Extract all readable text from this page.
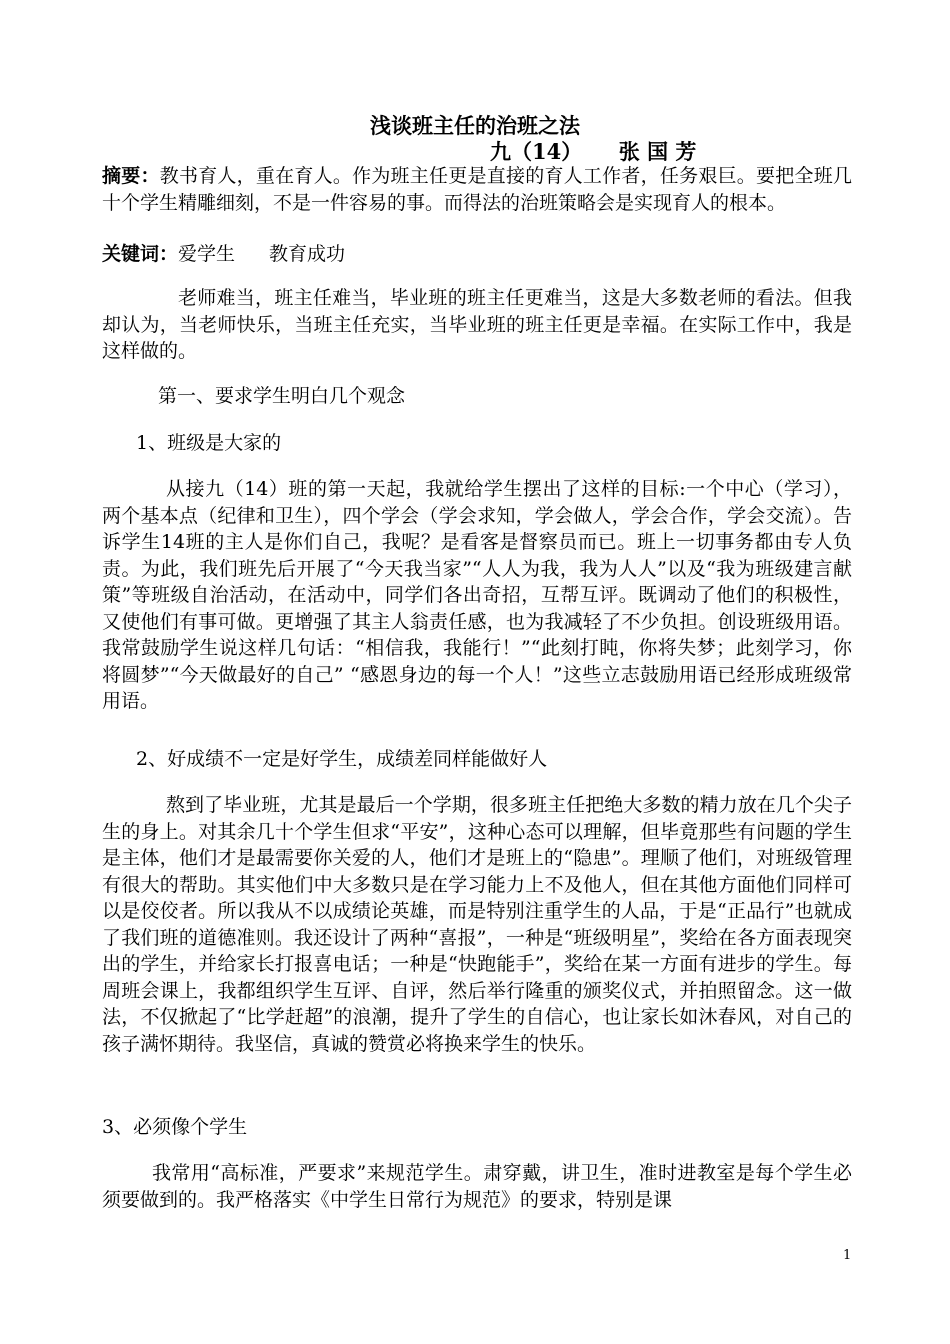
浅谈班主任的治班之法
九（14）     张 国 芳
摘要：教书育人，重在育人。作为班主任更是直接的育人工作者，任务艰巨。要把全班几十个学生精雕细刻，不是一件容易的事。而得法的治班策略会是实现育人的根本。
关键词：爱学生 教育成功
老师难当，班主任难当，毕业班的班主任更难当，这是大多数老师的看法。但我却认为，当老师快乐，当班主任充实，当毕业班的班主任更是幸福。在实际工作中，我是这样做的。
第一、要求学生明白几个观念
1、班级是大家的
从接九（14）班的第一天起，我就给学生摆出了这样的目标:一个中心（学习），两个基本点（纪律和卫生），四个学会（学会求知，学会做人，学会合作，学会交流）。告诉学生14班的主人是你们自己，我呢？是看客是督察员而已。班上一切事务都由专人负责。为此，我们班先后开展了“今天我当家”“人人为我，我为人人”以及“我为班级建言献策”等班级自治活动，在活动中，同学们各出奇招，互帮互评。既调动了他们的积极性，又使他们有事可做。更增强了其主人翁责任感，也为我减轻了不少负担。创设班级用语。我常鼓励学生说这样几句话：“相信我，我能行！”“此刻打盹，你将失梦；此刻学习，你将圆梦”“今天做最好的自己” “感恩身边的每一个人！”这些立志鼓励用语已经形成班级常用语。
2、好成绩不一定是好学生，成绩差同样能做好人
熬到了毕业班，尤其是最后一个学期，很多班主任把绝大多数的精力放在几个尖子生的身上。对其余几十个学生但求“平安”，这种心态可以理解，但毕竟那些有问题的学生是主体，他们才是最需要你关爱的人，他们才是班上的“隐患”。理顺了他们，对班级管理有很大的帮助。其实他们中大多数只是在学习能力上不及他人，但在其他方面他们同样可以是佼佼者。所以我从不以成绩论英雄，而是特别注重学生的人品，于是“正品行”也就成了我们班的道德准则。我还设计了两种“喜报”，一种是“班级明星”，奖给在各方面表现突出的学生，并给家长打报喜电话；一种是“快跑能手”，奖给在某一方面有进步的学生。每周班会课上，我都组织学生互评、自评，然后举行隆重的颁奖仪式，并拍照留念。这一做法，不仅掀起了“比学赶超”的浪潮，提升了学生的自信心，也让家长如沐春风，对自己的孩子满怀期待。我坚信，真诚的赞赏必将换来学生的快乐。
3、必须像个学生
我常用“高标准，严要求”来规范学生。肃穿戴，讲卫生，准时进教室是每个学生必须要做到的。我严格落实《中学生日常行为规范》的要求，特别是课
1
